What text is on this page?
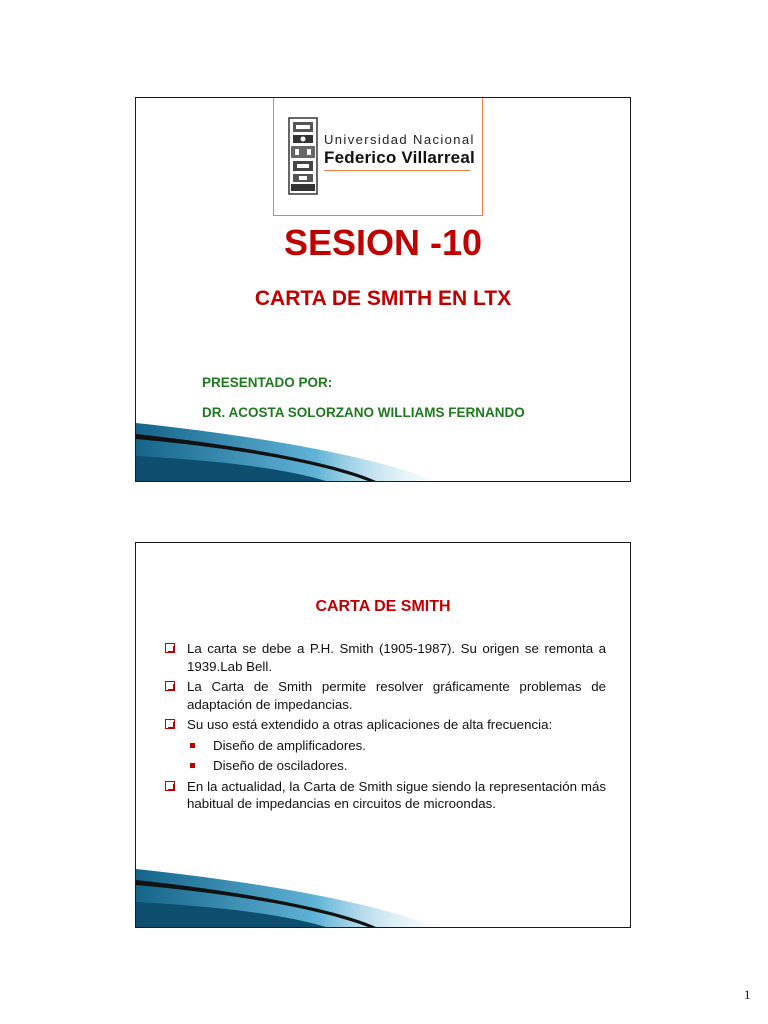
Universidad Nacional
Federico Villarreal
SESION -10
CARTA DE SMITH EN LTX
PRESENTADO POR:
DR. ACOSTA SOLORZANO WILLIAMS FERNANDO
CARTA DE SMITH
La carta se debe a P.H. Smith (1905-1987). Su origen se remonta a 1939.Lab Bell.
La Carta de Smith permite resolver gráficamente problemas de adaptación de impedancias.
Su uso está extendido a otras aplicaciones de alta frecuencia:
Diseño de amplificadores.
Diseño de osciladores.
En la actualidad, la Carta de Smith sigue siendo la representación más habitual de impedancias en circuitos de microondas.
1
